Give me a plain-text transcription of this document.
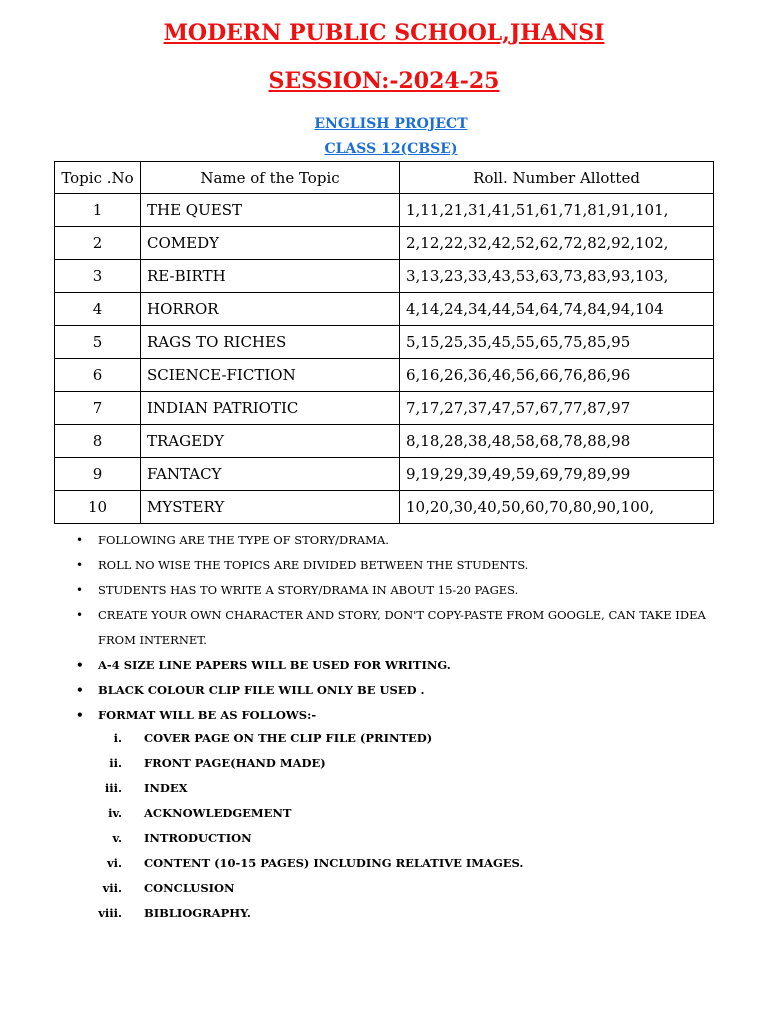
MODERN PUBLIC SCHOOL,JHANSI
SESSION:-2024-25
ENGLISH PROJECT
CLASS 12(CBSE)
Topic .No	Name of the Topic	Roll. Number Allotted
1	THE QUEST	1,11,21,31,41,51,61,71,81,91,101,
2	COMEDY	2,12,22,32,42,52,62,72,82,92,102,
3	RE-BIRTH	3,13,23,33,43,53,63,73,83,93,103,
4	HORROR	4,14,24,34,44,54,64,74,84,94,104
5	RAGS TO RICHES	5,15,25,35,45,55,65,75,85,95
6	SCIENCE-FICTION	6,16,26,36,46,56,66,76,86,96
7	INDIAN PATRIOTIC	7,17,27,37,47,57,67,77,87,97
8	TRAGEDY	8,18,28,38,48,58,68,78,88,98
9	FANTACY	9,19,29,39,49,59,69,79,89,99
10	MYSTERY	10,20,30,40,50,60,70,80,90,100,
• FOLLOWING ARE THE TYPE OF STORY/DRAMA.
• ROLL NO WISE THE TOPICS ARE DIVIDED BETWEEN THE STUDENTS.
• STUDENTS HAS TO WRITE A STORY/DRAMA IN ABOUT 15-20 PAGES.
• CREATE YOUR OWN CHARACTER AND STORY, DON'T COPY-PASTE FROM GOOGLE, CAN TAKE IDEA FROM INTERNET.
• A-4 SIZE LINE PAPERS WILL BE USED FOR WRITING.
• BLACK COLOUR CLIP FILE WILL ONLY BE USED .
• FORMAT WILL BE AS FOLLOWS:-
i. COVER PAGE ON THE CLIP FILE (PRINTED)
ii. FRONT PAGE(HAND MADE)
iii. INDEX
iv. ACKNOWLEDGEMENT
v. INTRODUCTION
vi. CONTENT (10-15 PAGES) INCLUDING RELATIVE IMAGES.
vii. CONCLUSION
viii. BIBLIOGRAPHY.
